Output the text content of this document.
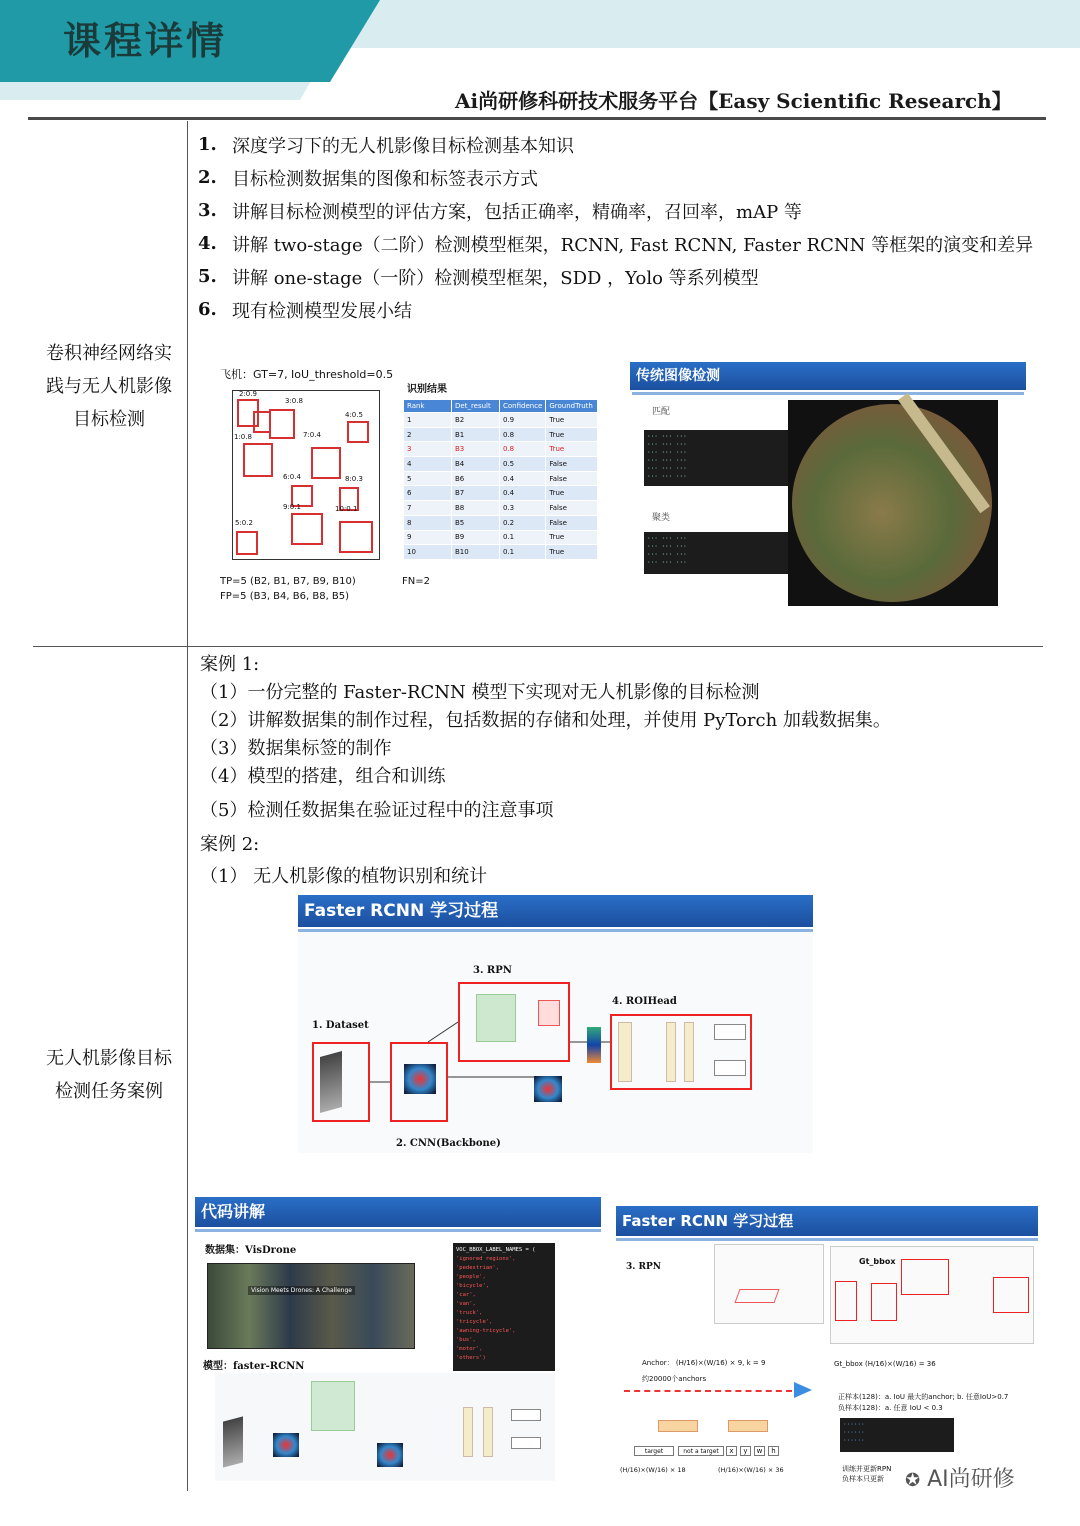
课程详情
Ai尚研修科研技术服务平台【Easy Scientific Research】
卷积神经网络实
践与无人机影像
目标检测
1. 深度学习下的无人机影像目标检测基本知识
2. 目标检测数据集的图像和标签表示方式
3. 讲解目标检测模型的评估方案，包括正确率，精确率，召回率，mAP 等
4. 讲解 two-stage（二阶）检测模型框架，RCNN, Fast RCNN, Faster RCNN 等框架的演变和差异
5. 讲解 one-stage（一阶）检测模型框架，SDD ，Yolo 等系列模型
6. 现有检测模型发展小结
飞机：GT=7, IoU_threshold=0.5
2:0.9
3:0.8
4:0.5
1:0.8	7:0.4
6:0.4	8:0.3
5:0.2
9:0.1	10:0.1
TP=5 (B2, B1, B7, B9, B10)
FP=5 (B3, B4, B6, B8, B5)
FN=2
识别结果
Rank	Det_result	Confidence	GroundTruth
1	B2	0.9	True
2	B1	0.8	True
3	B3	0.8	True
4	B4	0.5	False
5	B6	0.4	False
6	B7	0.4	True
7	B8	0.3	False
8	B5	0.2	False
9	B9	0.1	True
10	B10	0.1	True
传统图像检测
匹配
··· ··· ···
··· ··· ···
··· ··· ···
··· ··· ···
··· ··· ···
··· ··· ···
聚类
··· ··· ···
··· ··· ···
··· ··· ···
··· ··· ···
无人机影像目标
检测任务案例
案例 1:
（1）一份完整的 Faster-RCNN 模型下实现对无人机影像的目标检测
（2）讲解数据集的制作过程，包括数据的存储和处理，并使用 PyTorch 加载数据集。
（3）数据集标签的制作
（4）模型的搭建，组合和训练
（5）检测任数据集在验证过程中的注意事项
案例 2:
（1） 无人机影像的植物识别和统计
Faster RCNN 学习过程
1. Dataset
2. CNN(Backbone)
3. RPN
4. ROIHead
代码讲解
数据集：VisDrone
Vision Meets Drones: A Challenge
VOC_BBOX_LABEL_NAMES = (
'ignored regions',
'pedestrian',
'people',
'bicycle',
'car',
'van',
'truck',
'tricycle',
'awning-tricycle',
'bus',
'motor',
'others')
模型：faster-RCNN
Faster RCNN 学习过程
3. RPN
Gt_bbox
Anchor： (H/16)×(W/16) × 9, k = 9
约20000个anchors
Gt_bbox (H/16)×(W/16) = 36
正样本(128)：a. IoU 最大的anchor; b. 任意IoU>0.7
负样本(128)：a. 任意 IoU < 0.3
······
······
······
target	not a target	x	y	w	h
(H/16)×(W/16) × 18	(H/16)×(W/16) × 36	训练并更新RPN
负样本只更新 ✪ AI尚研修
